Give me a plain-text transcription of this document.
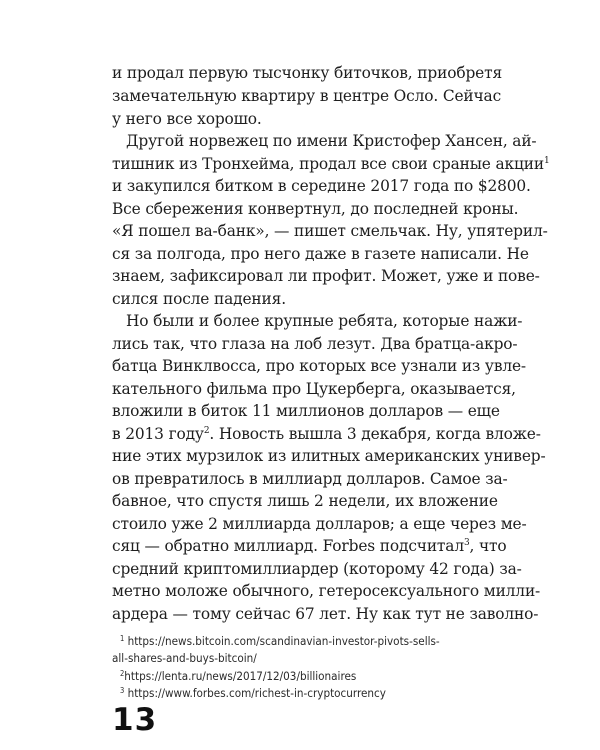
и продал первую тысчонку биточков, приобретя
замечательную квартиру в центре Осло. Сейчас
у него все хорошо.
Другой норвежец по имени Кристофер Хансен, ай-
тишник из Тронхейма, продал все свои сраные акции$^1$
и закупился битком в середине 2017 года по $2800.
Все сбережения конвертнул, до последней кроны.
«Я пошел ва-банк», — пишет смельчак. Ну, упятерил-
ся за полгода, про него даже в газете написали. Не
знаем, зафиксировал ли профит. Может, уже и пове-
сился после падения.
Но были и более крупные ребята, которые нажи-
лись так, что глаза на лоб лезут. Два братца-акро-
батца Винклвосса, про которых все узнали из увле-
кательного фильма про Цукерберга, оказывается,
вложили в биток 11 миллионов долларов — еще
в 2013 году$^2$. Новость вышла 3 декабря, когда вложе-
ние этих мурзилок из илитных американских универ-
ов превратилось в миллиард долларов. Самое за-
бавное, что спустя лишь 2 недели, их вложение
стоило уже 2 миллиарда долларов; а еще через ме-
сяц — обратно миллиард. Forbes подсчитал$^3$, что
средний криптомиллиардер (которому 42 года) за-
метно моложе обычного, гетеросексуального милли-
ардера — тому сейчас 67 лет. Ну как тут не заволно-
$^1$ https://news.bitcoin.com/scandinavian-investor-pivots-sells-
all-shares-and-buys-bitcoin/
$^2$https://lenta.ru/news/2017/12/03/billionaires
$^3$ https://www.forbes.com/richest-in-cryptocurrency
13
